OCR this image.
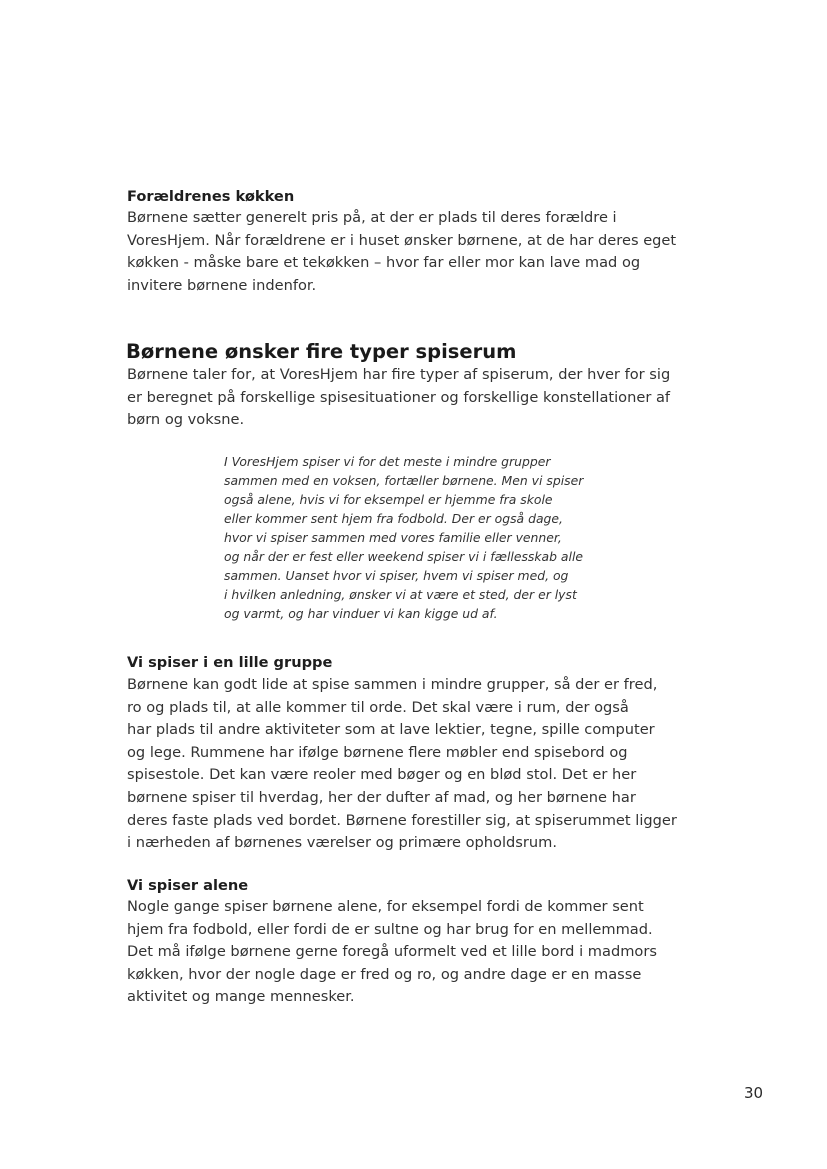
Forældrenes køkken
Børnene sætter generelt pris på, at der er plads til deres forældre i
VoresHjem. Når forældrene er i huset ønsker børnene, at de har deres eget
køkken - måske bare et tekøkken – hvor far eller mor kan lave mad og
invitere børnene indenfor.
Børnene ønsker fire typer spiserum
Børnene taler for, at VoresHjem har fire typer af spiserum, der hver for sig
er beregnet på forskellige spisesituationer og forskellige konstellationer af
børn og voksne.
I VoresHjem spiser vi for det meste i mindre grupper
sammen med en voksen, fortæller børnene. Men vi spiser
også alene, hvis vi for eksempel er hjemme fra skole
eller kommer sent hjem fra fodbold. Der er også dage,
hvor vi spiser sammen med vores familie eller venner,
og når der er fest eller weekend spiser vi i fællesskab alle
sammen. Uanset hvor vi spiser, hvem vi spiser med, og
i hvilken anledning, ønsker vi at være et sted, der er lyst
og varmt, og har vinduer vi kan kigge ud af.
Vi spiser i en lille gruppe
Børnene kan godt lide at spise sammen i mindre grupper, så der er fred,
ro og plads til, at alle kommer til orde. Det skal være i rum, der også
har plads til andre aktiviteter som at lave lektier, tegne, spille computer
og lege. Rummene har ifølge børnene flere møbler end spisebord og
spisestole. Det kan være reoler med bøger og en blød stol. Det er her
børnene spiser til hverdag, her der dufter af mad, og her børnene har
deres faste plads ved bordet. Børnene forestiller sig, at spiserummet ligger
i nærheden af børnenes værelser og primære opholdsrum.
Vi spiser alene
Nogle gange spiser børnene alene, for eksempel fordi de kommer sent
hjem fra fodbold, eller fordi de er sultne og har brug for en mellemmad.
Det må ifølge børnene gerne foregå uformelt ved et lille bord i madmors
køkken, hvor der nogle dage er fred og ro, og andre dage er en masse
aktivitet og mange mennesker.
30
